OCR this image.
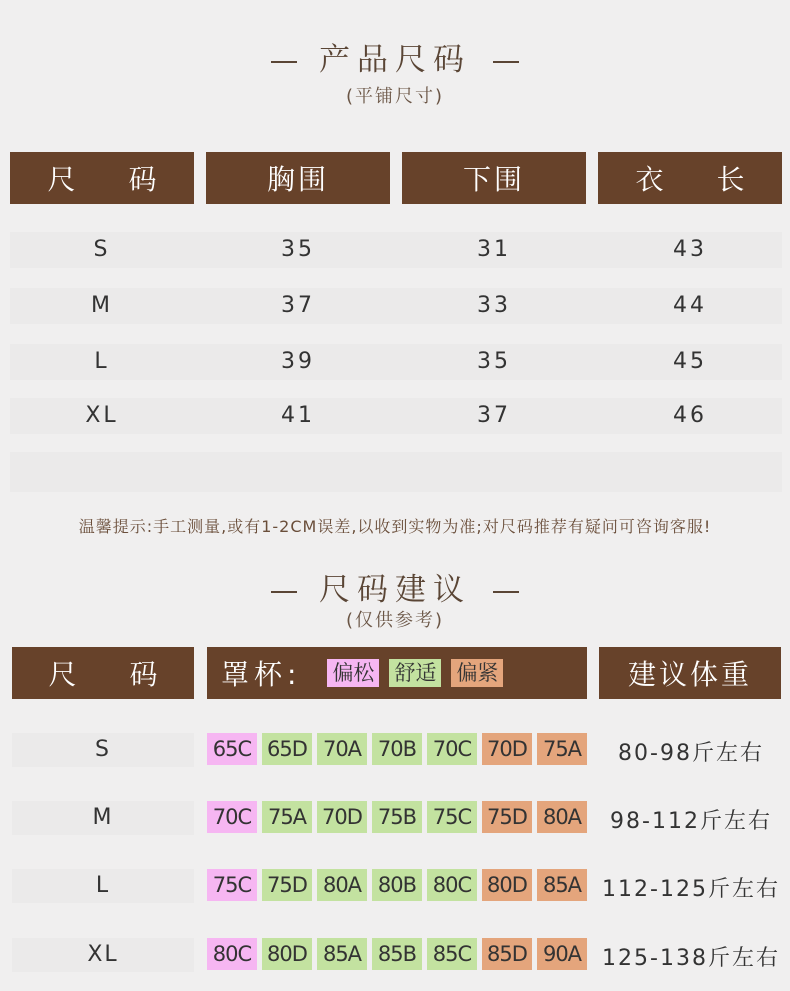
产品尺码
(平铺尺寸)
尺 码	胸围	下围	衣 长
S	35	31	43
M	37	33	44
L	39	35	45
XL	41	37	46
温馨提示:手工测量,或有1-2CM误差,以收到实物为准;对尺码推荐有疑问可咨询客服!
尺码建议
(仅供参考)
尺 码	罩杯: 偏松 舒适 偏紧	建议体重
S	65C 65D 70A 70B 70C 70D 75A	80-98斤左右
M	70C 75A 70D 75B 75C 75D 80A	98-112斤左右
L	75C 75D 80A 80B 80C 80D 85A 112-125斤左右
XL	80C 80D 85A 85B 85C 85D 90A 125-138斤左右
